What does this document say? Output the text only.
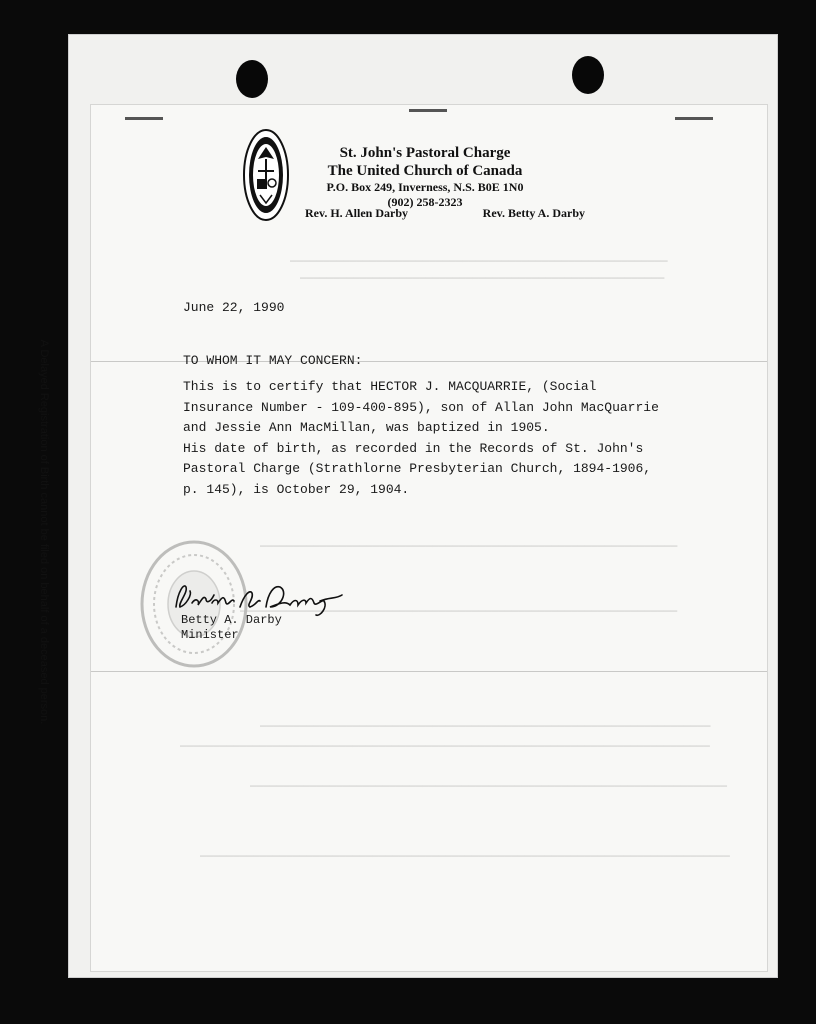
A Delayed Registration of Birth cannot be filed on behalf of a deceased person.
━━━━━━━━━━━━━━━━━━━━━━━━━━━━━━━━━━━━━━━━━━━━━━━━━━━━━━━━━
━━━━━━━━━━━━━━━━━━━━━━━━━━━━━━━━━━━━━━━━━━━━━━━━━━━━━━━
━━━━━━━━━━━━━━━━━━━━━━━━━━━━━━━━━━━━━━━━━━━━━━━━━━━━━━━━━━━━━━━
━━━━━━━━━━━━━━━━━━━━━━━━━━━━━━━━━━━━━━━━━━━━━━━━━━━━━━━━━━━━━━━━━━
━━━━━━━━━━━━━━━━━━━━━━━━━━━━━━━━━━━━━━━━━━━━━━━━━━━━━━━━━━━━━━━━━━━━
━━━━━━━━━━━━━━━━━━━━━━━━━━━━━━━━━━━━━━━━━━━━━━━━━━━━━━━━━━━━━━━━━━━━━━━━━━━━━━━━
━━━━━━━━━━━━━━━━━━━━━━━━━━━━━━━━━━━━━━━━━━━━━━━━━━━━━━━━━━━━━━━━━━━━━━━━
━━━━━━━━━━━━━━━━━━━━━━━━━━━━━━━━━━━━━━━━━━━━━━━━━━━━━━━━━━━━━━━━━━━━━━━━━━━━━━━━
St. John's Pastoral Charge
The United Church of Canada
P.O. Box 249, Inverness, N.S. B0E 1N0
(902) 258-2323
Rev. H. Allen Darby	Rev. Betty A. Darby
June 22, 1990
TO WHOM IT MAY CONCERN:
This is to certify that HECTOR J. MACQUARRIE, (Social
Insurance Number - 109-400-895), son of Allan John MacQuarrie
and Jessie Ann MacMillan, was baptized in 1905.
His date of birth, as recorded in the Records of St. John's
Pastoral Charge (Strathlorne Presbyterian Church, 1894-1906,
p. 145), is October 29, 1904.
Betty A. Darby
Minister
